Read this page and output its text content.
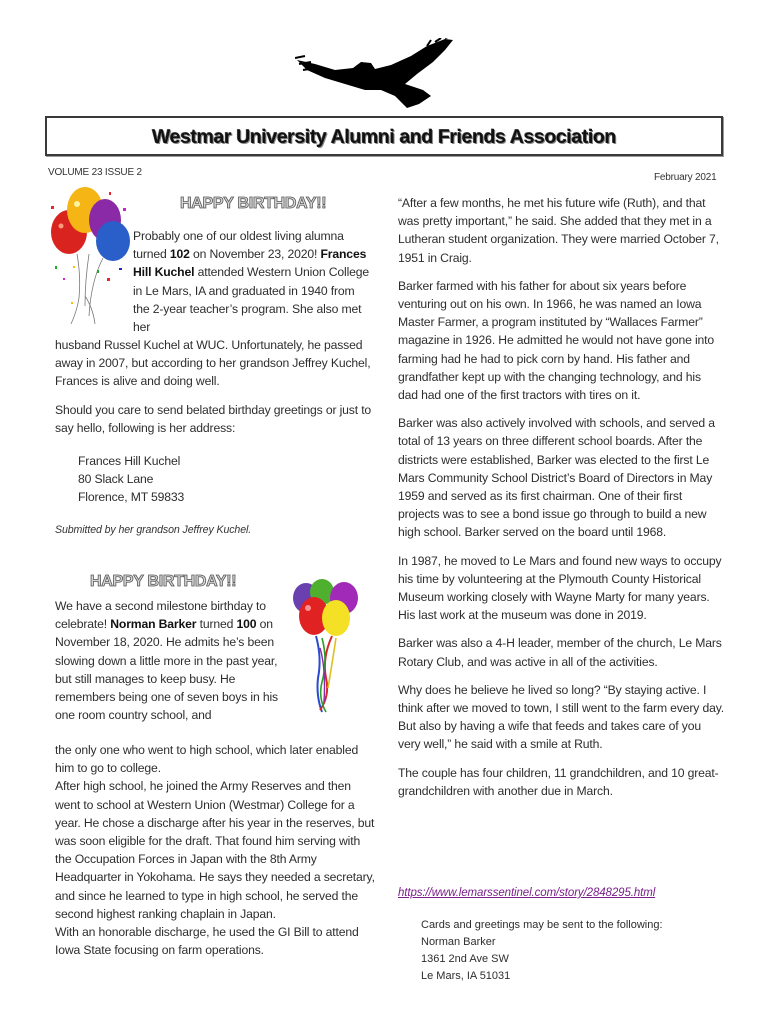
Westmar University Alumni and Friends Association
VOLUME 23 ISSUE 2	February 2021
HAPPY BIRTHDAY!!
Probably one of our oldest living alumna turned 102 on November 23, 2020! Frances Hill Kuchel attended Western Union College in Le Mars, IA and graduated in 1940 from the 2-year teacher’s program. She also met her

husband Russel Kuchel at WUC. Unfortunately, he passed away in 2007, but according to her grandson Jeffrey Kuchel, Frances is alive and doing well.

Should you care to send belated birthday greetings or just to say hello, following is her address:

Frances Hill Kuchel
80 Slack Lane
Florence, MT 59833
Submitted by her grandson Jeffrey Kuchel.
HAPPY BIRTHDAY!!
We have a second milestone birthday to celebrate! Norman Barker turned 100 on November 18, 2020. He admits he’s been slowing down a little more in the past year, but still manages to keep busy. He remembers being one of seven boys in his one room country school, and
the only one who went to high school, which later enabled him to go to college.
After high school, he joined the Army Reserves and then went to school at Western Union (Westmar) College for a year. He chose a discharge after his year in the reserves, but was soon eligible for the draft. That found him serving with the Occupation Forces in Japan with the 8th Army Headquarter in Yokohama. He says they needed a secretary, and since he learned to type in high school, he served the second highest ranking chaplain in Japan.
With an honorable discharge, he used the GI Bill to attend Iowa State focusing on farm operations.

“After a few months, he met his future wife (Ruth), and that was pretty important,” he said. She added that they met in a Lutheran student organization. They were married October 7, 1951 in Craig.

Barker farmed with his father for about six years before venturing out on his own. In 1966, he was named an Iowa Master Farmer, a program instituted by “Wallaces Farmer” magazine in 1926. He admitted he would not have gone into farming had he had to pick corn by hand. His father and grandfather kept up with the changing technology, and his dad had one of the first tractors with tires on it.

Barker was also actively involved with schools, and served a total of 13 years on three different school boards. After the districts were established, Barker was elected to the first Le Mars Community School District’s Board of Directors in May 1959 and served as its first chairman. One of their first projects was to see a bond issue go through to build a new high school. Barker served on the board until 1968.

In 1987, he moved to Le Mars and found new ways to occupy his time by volunteering at the Plymouth County Historical Museum working closely with Wayne Marty for many years. His last work at the museum was done in 2019.

Barker was also a 4-H leader, member of the church, Le Mars Rotary Club, and was active in all of the activities.

Why does he believe he lived so long? “By staying active. I think after we moved to town, I still went to the farm every day. But also by having a wife that feeds and takes care of you very well,” he said with a smile at Ruth.

The couple has four children, 11 grandchildren, and 10 great-grandchildren with another due in March.

https://www.lemarssentinel.com/story/2848295.html
Cards and greetings may be sent to the following:
Norman Barker
1361 2nd Ave SW
Le Mars, IA 51031
